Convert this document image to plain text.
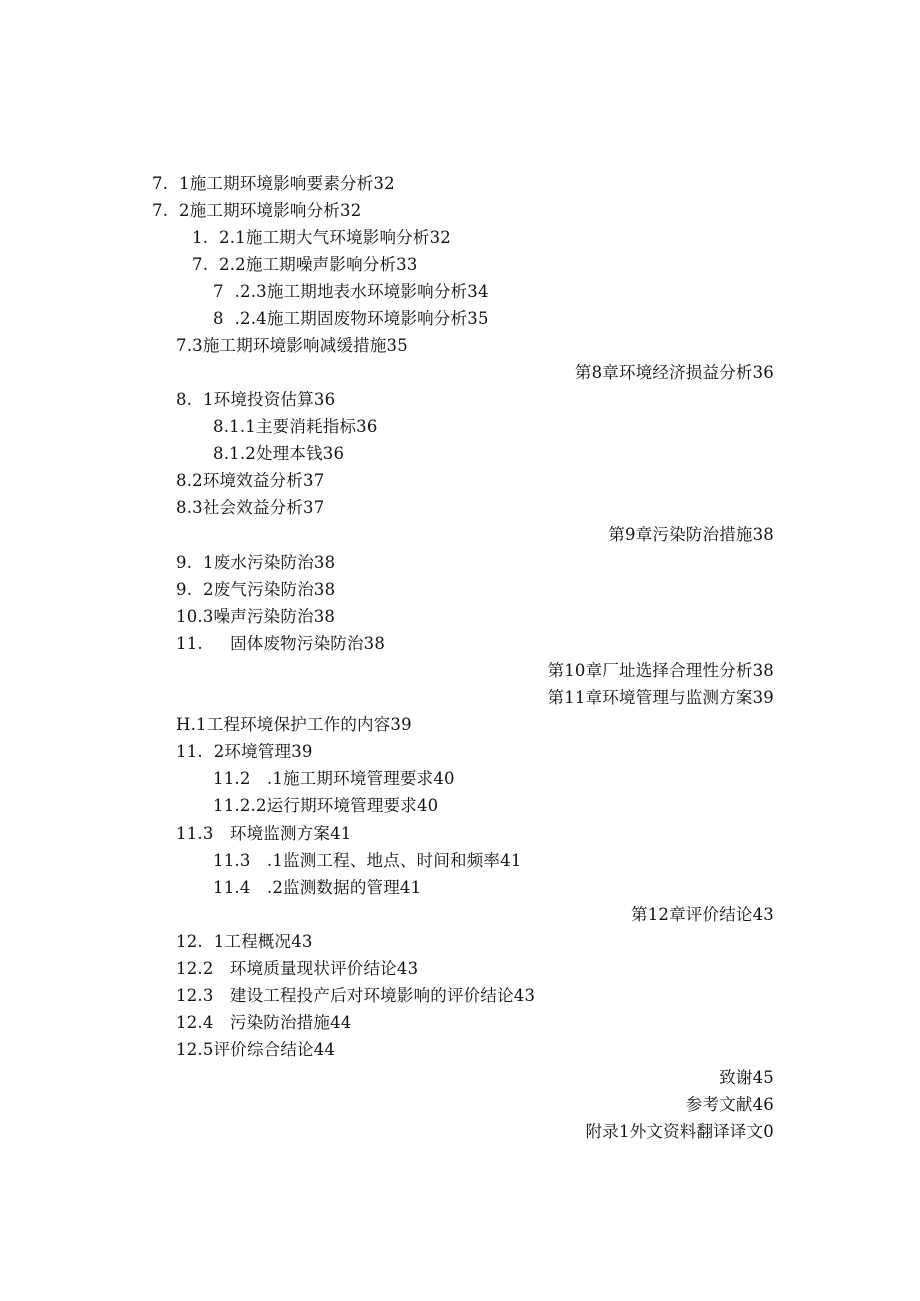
7.  1施工期环境影响要素分析32
7.  2施工期环境影响分析32
1.  2.1施工期大气环境影响分析32
7.  2.2施工期噪声影响分析33
7  .2.3施工期地表水环境影响分析34
8  .2.4施工期固废物环境影响分析35
7.3施工期环境影响减缓措施35
第8章环境经济损益分析36
8.  1环境投资估算36
8.1.1主要消耗指标36
8.1.2处理本钱36
8.2环境效益分析37
8.3社会效益分析37
第9章污染防治措施38
9.  1废水污染防治38
9.  2废气污染防治38
10.3噪声污染防治38
11.     固体废物污染防治38
第10章厂址选择合理性分析38
第11章环境管理与监测方案39
H.1工程环境保护工作的内容39
11.  2环境管理39
11.2   .1施工期环境管理要求40
11.2.2运行期环境管理要求40
11.3   环境监测方案41
11.3   .1监测工程、地点、时间和频率41
11.4   .2监测数据的管理41
第12章评价结论43
12.  1工程概况43
12.2   环境质量现状评价结论43
12.3   建设工程投产后对环境影响的评价结论43
12.4   污染防治措施44
12.5评价综合结论44
致谢45
参考文献46
附录1外文资料翻译译文0
